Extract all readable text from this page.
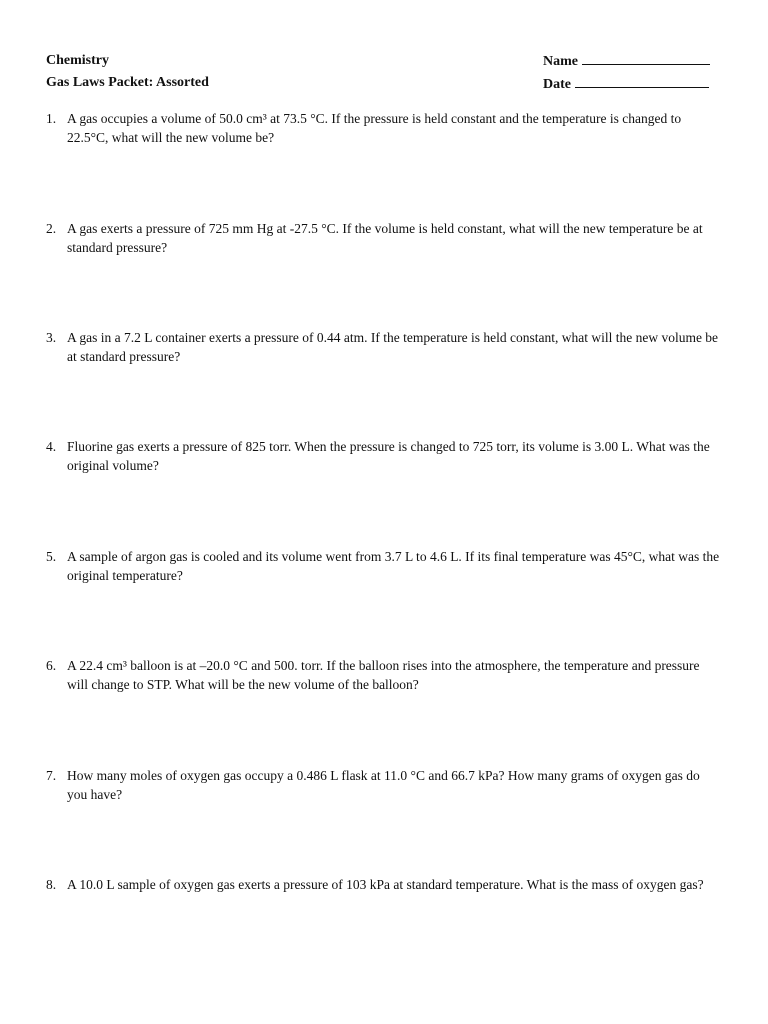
Chemistry
Gas Laws Packet: Assorted
Name
Date
1. A gas occupies a volume of 50.0 cm³ at 73.5 °C. If the pressure is held constant and the temperature is changed to 22.5°C, what will the new volume be?
2. A gas exerts a pressure of 725 mm Hg at -27.5 °C. If the volume is held constant, what will the new temperature be at standard pressure?
3. A gas in a 7.2 L container exerts a pressure of 0.44 atm. If the temperature is held constant, what will the new volume be at standard pressure?
4. Fluorine gas exerts a pressure of 825 torr. When the pressure is changed to 725 torr, its volume is 3.00 L. What was the original volume?
5. A sample of argon gas is cooled and its volume went from 3.7 L to 4.6 L. If its final temperature was 45°C, what was the original temperature?
6. A 22.4 cm³ balloon is at –20.0 °C and 500. torr. If the balloon rises into the atmosphere, the temperature and pressure will change to STP. What will be the new volume of the balloon?
7. How many moles of oxygen gas occupy a 0.486 L flask at 11.0 °C and 66.7 kPa? How many grams of oxygen gas do you have?
8. A 10.0 L sample of oxygen gas exerts a pressure of 103 kPa at standard temperature. What is the mass of oxygen gas?
